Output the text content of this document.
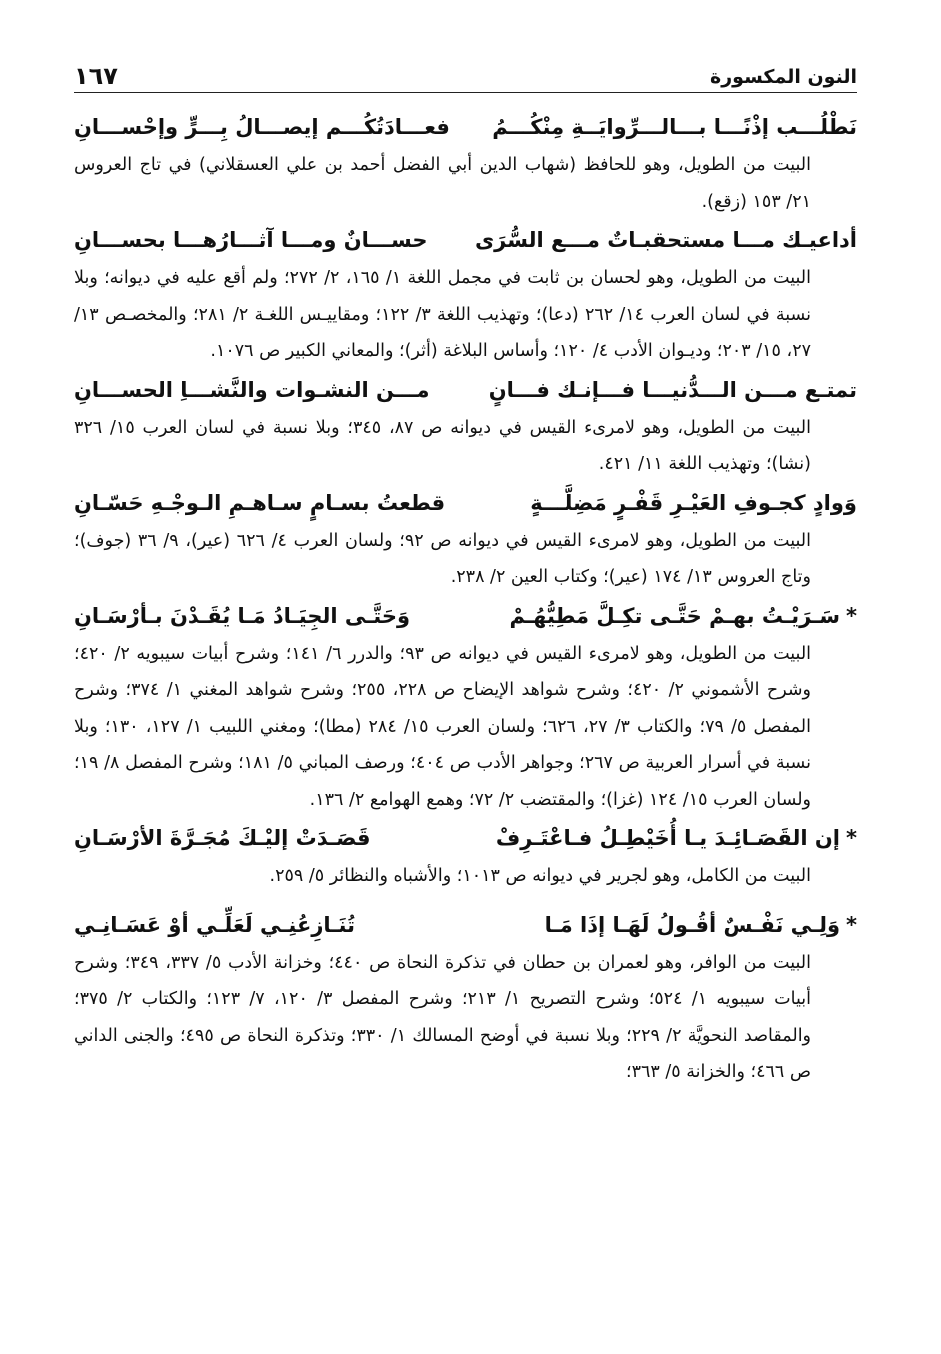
النون المكسورة
١٦٧
نَطْلُـــب إذْنًـــا بـــالـــرِّوايَــةِ مِنْكُـــمُ
فعـــادَتُكُـــم إيصـــالُ بِـــرٍّ وإحْســـانِ

البيت من الطويل، وهو للحافظ (شهاب الدين أبي الفضل أحمد بن علي العسقلاني) في تاج العروس ٢١/ ١٥٣ (زقع).

أداعيـك مـــا مستحقبـاتٌ مـــع السُّرَى
حســـانٌ ومـــا آثـــارُهـــا بحســـانِ

البيت من الطويل، وهو لحسان بن ثابت في مجمل اللغة ١/ ١٦٥، ٢/ ٢٧٢؛ ولم أقع عليه في ديوانه؛ وبلا نسبة في لسان العرب ١٤/ ٢٦٢ (دعا)؛ وتهذيب اللغة ٣/ ١٢٢؛ ومقاييـس اللغـة ٢/ ٢٨١؛ والمخصـص ١٣/ ٢٧، ١٥/ ٢٠٣؛ وديـوان الأدب ٤/ ١٢٠؛ وأساس البلاغة (أثر)؛ والمعاني الكبير ص ١٠٧٦.

تمتـع مـــن الـــدُّنيـــا فـــإنـك فـــانٍ
مـــن النشـوات والنَّشـــاِ الحســـانِ

البيت من الطويل، وهو لامرىء القيس في ديوانه ص ٨٧، ٣٤٥؛ وبلا نسبة في لسان العرب ١٥/ ٣٢٦ (نشا)؛ وتهذيب اللغة ١١/ ٤٢١.

وَوادٍ كجـوفِ العَيْـرِ قَفْـرٍ مَضِلَّـــةٍ
قطعتُ بسـامٍ سـاهـمِ الـوجْـهِ حَسّـانِ

البيت من الطويل، وهو لامرىء القيس في ديوانه ص ٩٢؛ ولسان العرب ٤/ ٦٢٦ (عير)، ٩/ ٣٦ (جوف)؛ وتاج العروس ١٣/ ١٧٤ (عير)؛ وكتاب العين ٢/ ٢٣٨.

*سَـرَيْـتُ بهـمْ حَتَّـى تكِـلَّ مَطِيُّهُـمْ
وَحَتَّـى الجِيَـادُ مَـا يُقَـدْنَ بـأرْسَـانِ

البيت من الطويل، وهو لامرىء القيس في ديوانه ص ٩٣؛ والدرر ٦/ ١٤١؛ وشرح أبيات سيبويه ٢/ ٤٢٠؛ وشرح الأشموني ٢/ ٤٢٠؛ وشرح شواهد الإيضاح ص ٢٢٨، ٢٥٥؛ وشرح شواهد المغني ١/ ٣٧٤؛ وشرح المفصل ٥/ ٧٩؛ والكتاب ٣/ ٢٧، ٦٢٦؛ ولسان العرب ١٥/ ٢٨٤ (مطا)؛ ومغني اللبيب ١/ ١٢٧، ١٣٠؛ وبلا نسبة في أسرار العربية ص ٢٦٧؛ وجواهر الأدب ص ٤٠٤؛ ورصف المباني ٥/ ١٨١؛ وشرح المفصل ٨/ ١٩؛ ولسان العرب ١٥/ ١٢٤ (غزا)؛ والمقتضب ٢/ ٧٢؛ وهمع الهوامع ٢/ ١٣٦.

*إن القَصَـائِـدَ يـا أُخَيْطِـلُ فـاعْتَـرِفْ
قَصَـدَتْ إليْـكَ مُجَـرَّةَ الأرْسَـانِ

البيت من الكامل، وهو لجرير في ديوانه ص ١٠١٣؛ والأشباه والنظائر ٥/ ٢٥٩.

*وَلِـي نَفْـسٌ أقُـولُ لَهَـا إذَا مَـا
تُنَـازِعُنِـي لَعَلِّـي أوْ عَسَـانِـي

البيت من الوافر، وهو لعمران بن حطان في تذكرة النحاة ص ٤٤٠؛ وخزانة الأدب ٥/ ٣٣٧، ٣٤٩؛ وشرح أبيات سيبويه ١/ ٥٢٤؛ وشرح التصريح ١/ ٢١٣؛ وشرح المفصل ٣/ ١٢٠، ٧/ ١٢٣؛ والكتاب ٢/ ٣٧٥؛ والمقاصد النحويَّة ٢/ ٢٢٩؛ وبلا نسبة في أوضح المسالك ١/ ٣٣٠؛ وتذكرة النحاة ص ٤٩٥؛ والجنى الداني ص ٤٦٦؛ والخزانة ٥/ ٣٦٣؛
